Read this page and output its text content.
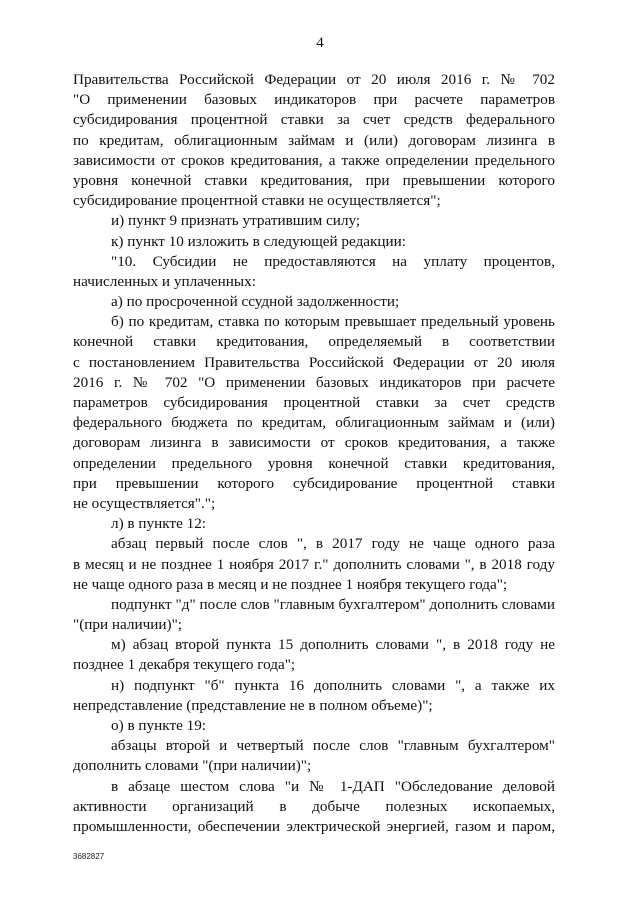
4
Правительства Российской Федерации от 20 июля 2016 г. № 702
"О применении базовых индикаторов при расчете параметров
субсидирования процентной ставки за счет средств федерального
по кредитам, облигационным займам и (или) договорам лизинга в
зависимости от сроков кредитования, а также определении предельного
уровня конечной ставки кредитования, при превышении которого
субсидирование процентной ставки не осуществляется";
и) пункт 9 признать утратившим силу;
к) пункт 10 изложить в следующей редакции:
"10. Субсидии не предоставляются на уплату процентов,
начисленных и уплаченных:
а) по просроченной ссудной задолженности;
б) по кредитам, ставка по которым превышает предельный уровень
конечной ставки кредитования, определяемый в соответствии
с постановлением Правительства Российской Федерации от 20 июля
2016 г. № 702 "О применении базовых индикаторов при расчете
параметров субсидирования процентной ставки за счет средств
федерального бюджета по кредитам, облигационным займам и (или)
договорам лизинга в зависимости от сроков кредитования, а также
определении предельного уровня конечной ставки кредитования,
при превышении которого субсидирование процентной ставки
не осуществляется".";
л) в пункте 12:
абзац первый после слов ", в 2017 году не чаще одного раза
в месяц и не позднее 1 ноября 2017 г." дополнить словами ", в 2018 году
не чаще одного раза в месяц и не позднее 1 ноября текущего года";
подпункт "д" после слов "главным бухгалтером" дополнить словами
"(при наличии)";
м) абзац второй пункта 15 дополнить словами ", в 2018 году не
позднее 1 декабря текущего года";
н) подпункт "б" пункта 16 дополнить словами ", а также их
непредставление (представление не в полном объеме)";
о) в пункте 19:
абзацы второй и четвертый после слов "главным бухгалтером"
дополнить словами "(при наличии)";
в абзаце шестом слова "и № 1-ДАП "Обследование деловой
активности организаций в добыче полезных ископаемых,
промышленности, обеспечении электрической энергией, газом и паром,
3682827
